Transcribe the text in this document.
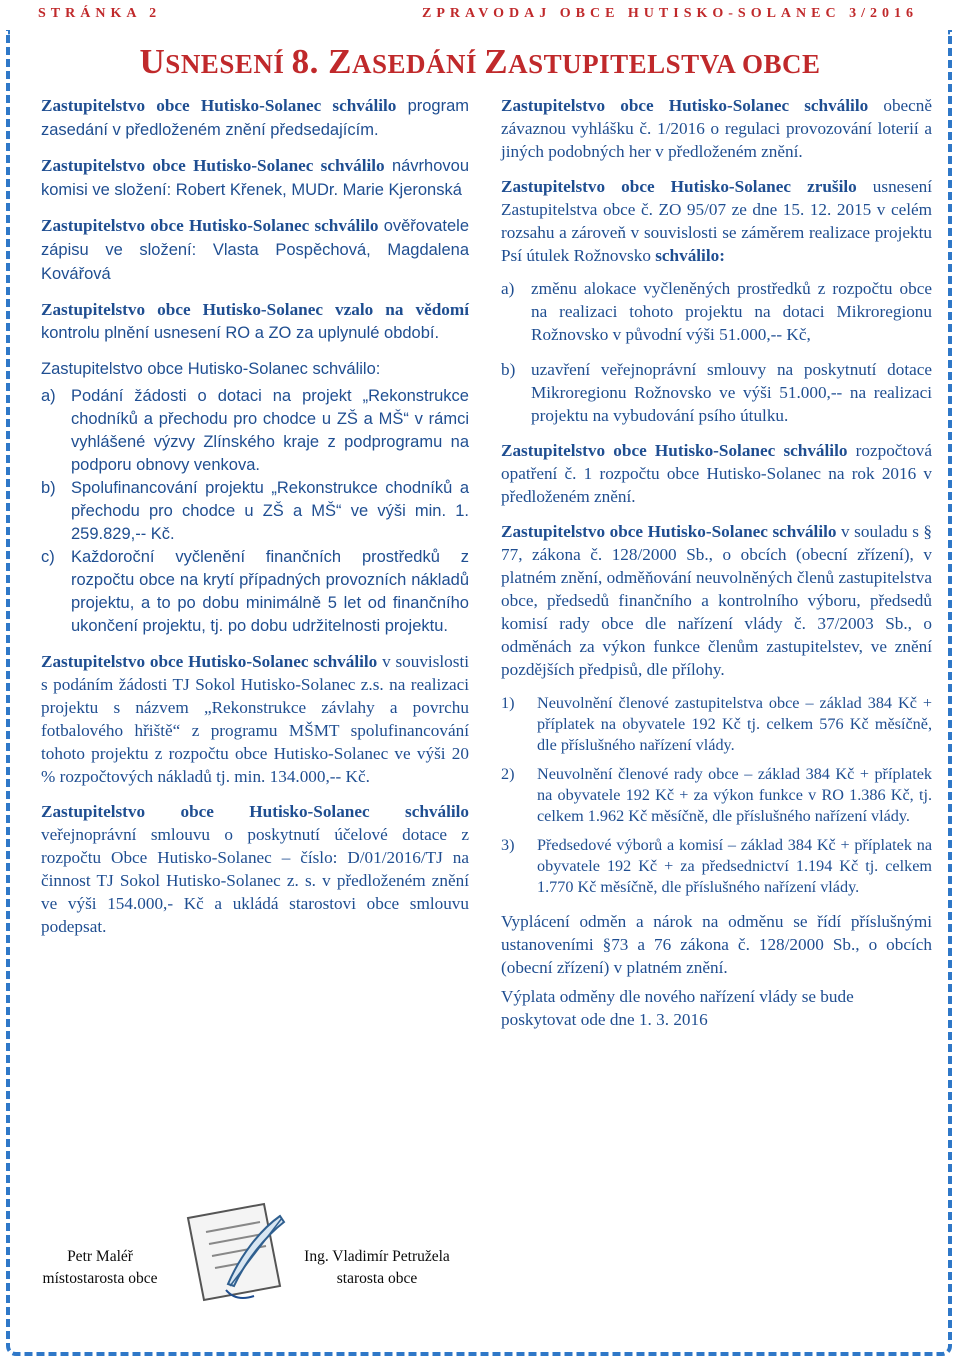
STRÁNKA 2	ZPRAVODAJ OBCE HUTISKO-SOLANEC 3/2016
USNESENÍ 8. ZASEDÁNÍ ZASTUPITELSTVA OBCE

Zastupitelstvo obce Hutisko-Solanec schválilo program zasedání v předloženém znění předsedajícím.

Zastupitelstvo obce Hutisko-Solanec schválilo návrhovou komisi ve složení: Robert Křenek, MUDr. Marie Kjeronská

Zastupitelstvo obce Hutisko-Solanec schválilo ověřovatele zápisu ve složení: Vlasta Pospěchová, Magdalena Kovářová

Zastupitelstvo obce Hutisko-Solanec vzalo na vědomí kontrolu plnění usnesení RO a ZO za uplynulé období.

Zastupitelstvo obce Hutisko-Solanec schválilo:

a) Podání žádosti o dotaci na projekt „Rekonstrukce chodníků a přechodu pro chodce u ZŠ a MŠ“ v rámci vyhlášené výzvy Zlínského kraje z podprogramu na podporu obnovy venkova.
b) Spolufinancování projektu „Rekonstrukce chodníků a přechodu pro chodce u ZŠ a MŠ“ ve výši min. 1. 259.829,-- Kč.
c) Každoroční vyčlenění finančních prostředků z rozpočtu obce na krytí případných provozních nákladů projektu, a to po dobu minimálně 5 let od finančního ukončení projektu, tj. po dobu udržitelnosti projektu.

Zastupitelstvo obce Hutisko-Solanec schválilo v souvislosti s podáním žádosti TJ Sokol Hutisko-Solanec z.s. na realizaci projektu s názvem „Rekonstrukce závlahy a povrchu fotbalového hřiště“ z programu MŠMT spolufinancování tohoto projektu z rozpočtu obce Hutisko-Solanec ve výši 20 % rozpočtových nákladů tj. min. 134.000,-- Kč.

Zastupitelstvo obce Hutisko-Solanec schválilo veřejnoprávní smlouvu o poskytnutí účelové dotace z rozpočtu Obce Hutisko-Solanec – číslo: D/01/2016/TJ na činnost TJ Sokol Hutisko-Solanec z. s. v předloženém znění ve výši 154.000,- Kč a ukládá starostovi obce smlouvu podepsat.

Zastupitelstvo obce Hutisko-Solanec schválilo obecně závaznou vyhlášku č. 1/2016 o regulaci provozování loterií a jiných podobných her v předloženém znění.

Zastupitelstvo obce Hutisko-Solanec zrušilo usnesení Zastupitelstva obce č. ZO 95/07 ze dne 15. 12. 2015 v celém rozsahu a zároveň v souvislosti se záměrem realizace projektu Psí útulek Rožnovsko schválilo:

a) změnu alokace vyčleněných prostředků z rozpočtu obce na realizaci tohoto projektu na dotaci Mikroregionu Rožnovsko v původní výši 51.000,-- Kč,
b) uzavření veřejnoprávní smlouvy na poskytnutí dotace Mikroregionu Rožnovsko ve výši 51.000,-- na realizaci projektu na vybudování psího útulku.

Zastupitelstvo obce Hutisko-Solanec schválilo rozpočtová opatření č. 1 rozpočtu obce Hutisko-Solanec na rok 2016 v předloženém znění.

Zastupitelstvo obce Hutisko-Solanec schválilo v souladu s § 77, zákona č. 128/2000 Sb., o obcích (obecní zřízení), v platném znění, odměňování neuvolněných členů zastupitelstva obce, předsedů finančního a kontrolního výboru, předsedů komisí rady obce dle nařízení vlády č. 37/2003 Sb., o odměnách za výkon funkce členům zastupitelstev, ve znění pozdějších předpisů, dle přílohy.

1)	Neuvolnění členové zastupitelstva obce – základ 384 Kč + příplatek na obyvatele 192 Kč tj. celkem 576 Kč měsíčně, dle příslušného nařízení vlády.
2)	Neuvolnění členové rady obce – základ 384 Kč + příplatek na obyvatele 192 Kč + za výkon funkce v RO 1.386 Kč, tj. celkem 1.962 Kč měsíčně, dle příslušného nařízení vlády.
3)	Předsedové výborů a komisí – základ 384 Kč + příplatek na obyvatele 192 Kč + za předsednictví 1.194 Kč tj. celkem 1.770 Kč měsíčně, dle příslušného nařízení vlády.

Vyplácení odměn a nárok na odměnu se řídí příslušnými ustanoveními §73 a 76 zákona č. 128/2000 Sb., o obcích (obecní zřízení) v platném znění.

Výplata odměny dle nového nařízení vlády se bude poskytovat ode dne 1. 3. 2016

Petr Maléř
místostarosta obce
Ing. Vladimír Petružela
starosta obce
